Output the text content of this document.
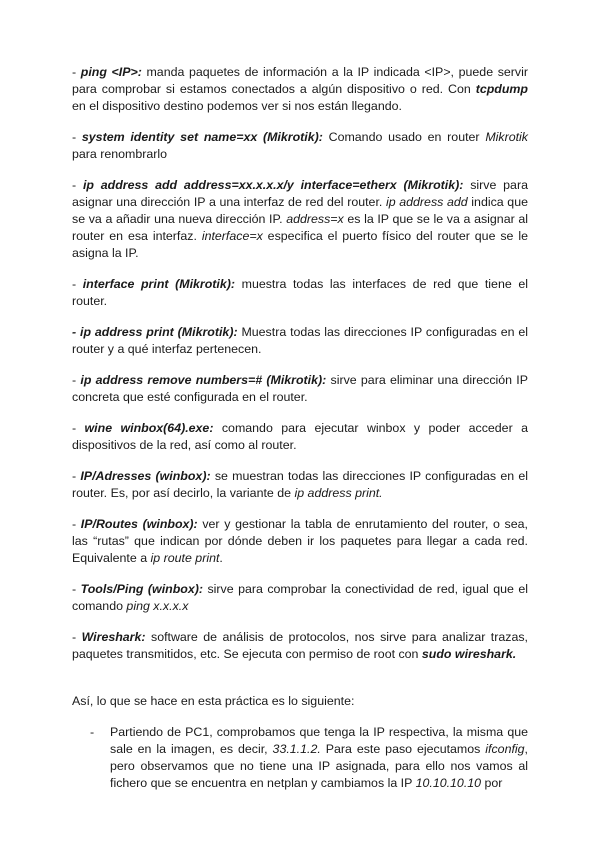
- ping <IP>: manda paquetes de información a la IP indicada <IP>, puede servir para comprobar si estamos conectados a algún dispositivo o red. Con tcpdump en el dispositivo destino podemos ver si nos están llegando.

- system identity set name=xx (Mikrotik): Comando usado en router Mikrotik para renombrarlo

- ip address add address=xx.x.x.x/y interface=etherx (Mikrotik): sirve para asignar una dirección IP a una interfaz de red del router. ip address add indica que se va a añadir una nueva dirección IP. address=x es la IP que se le va a asignar al router en esa interfaz. interface=x especifica el puerto físico del router que se le asigna la IP.

- interface print (Mikrotik): muestra todas las interfaces de red que tiene el router.

- ip address print (Mikrotik): Muestra todas las direcciones IP configuradas en el router y a qué interfaz pertenecen.

- ip address remove numbers=# (Mikrotik): sirve para eliminar una dirección IP concreta que esté configurada en el router.

- wine winbox(64).exe: comando para ejecutar winbox y poder acceder a dispositivos de la red, así como al router.

- IP/Adresses (winbox): se muestran todas las direcciones IP configuradas en el router. Es, por así decirlo, la variante de ip address print.

- IP/Routes (winbox): ver y gestionar la tabla de enrutamiento del router, o sea, las “rutas” que indican por dónde deben ir los paquetes para llegar a cada red. Equivalente a ip route print.

- Tools/Ping (winbox): sirve para comprobar la conectividad de red, igual que el comando ping x.x.x.x

- Wireshark: software de análisis de protocolos, nos sirve para analizar trazas, paquetes transmitidos, etc. Se ejecuta con permiso de root con sudo wireshark.

Así, lo que se hace en esta práctica es lo siguiente:

- Partiendo de PC1, comprobamos que tenga la IP respectiva, la misma que sale en la imagen, es decir, 33.1.1.2. Para este paso ejecutamos ifconfig, pero observamos que no tiene una IP asignada, para ello nos vamos al fichero que se encuentra en netplan y cambiamos la IP 10.10.10.10 por
